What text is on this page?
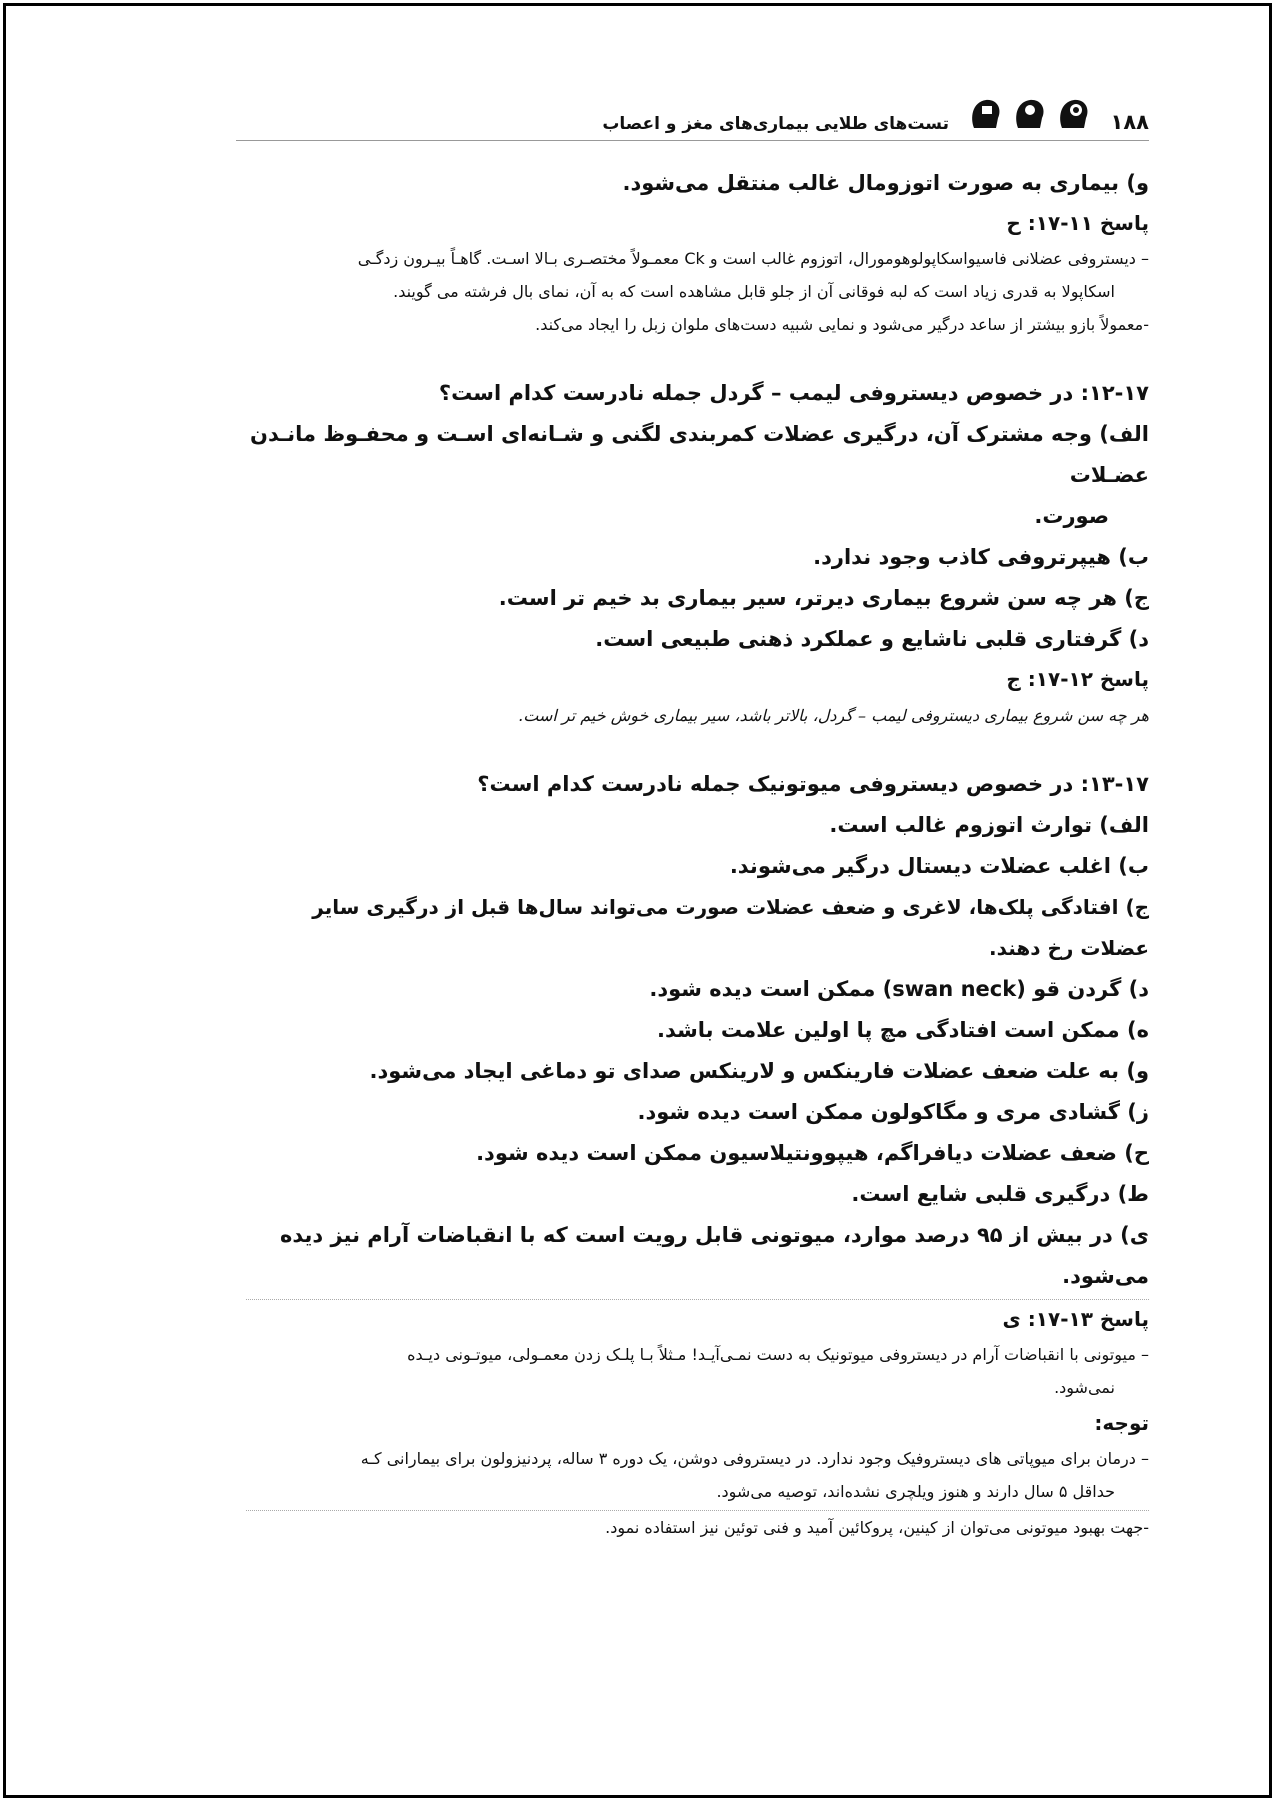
۱۸۸
تست‌های طلایی بیماری‌های مغز و اعصاب
و) بیماری به صورت اتوزومال غالب منتقل می‌شود.
پاسخ ۱۱-۱۷: ح
– دیستروفی عضلانی فاسیواسکاپولوهومورال، اتوزوم غالب است و Ck معمـولاً مختصـری بـالا اسـت. گاهـاً بیـرون زدگـی
اسکاپولا به قدری زیاد است که لبه فوقانی آن از جلو قابل مشاهده است که به آن، نمای بال فرشته می گویند.
-معمولاً بازو بیشتر از ساعد درگیر می‌شود و نمایی شبیه دست‌های ملوان زبل را ایجاد می‌کند.
۱۲-۱۷: در خصوص دیستروفی لیمب – گردل جمله نادرست کدام است؟
الف) وجه مشترک آن، درگیری عضلات کمربندی لگنی و شـانه‌ای اسـت و محفـوظ مانـدن عضـلات
صورت.
ب) هیپرتروفی کاذب وجود ندارد.
ج) هر چه سن شروع بیماری دیرتر، سیر بیماری بد خیم تر است.
د) گرفتاری قلبی ناشایع و عملکرد ذهنی طبیعی است.
پاسخ ۱۲-۱۷: ج
هر چه سن شروع بیماری دیستروفی لیمب – گردل، بالاتر باشد، سیر بیماری خوش خیم تر است.
۱۳-۱۷: در خصوص دیستروفی میوتونیک جمله نادرست کدام است؟
الف) توارث اتوزوم غالب است.
ب) اغلب عضلات دیستال درگیر می‌شوند.
ج) افتادگی پلک‌ها، لاغری و ضعف عضلات صورت می‌تواند سال‌ها قبل از درگیری سایر عضلات رخ دهند.
د) گردن قو (swan neck) ممکن است دیده شود.
ه) ممکن است افتادگی مچ پا اولین علامت باشد.
و) به علت ضعف عضلات فارینکس و لارینکس صدای تو دماغی ایجاد می‌شود.
ز) گشادی مری و مگاکولون ممکن است دیده شود.
ح) ضعف عضلات دیافراگم، هیپوونتیلاسیون ممکن است دیده شود.
ط) درگیری قلبی شایع است.
ی) در بیش از ۹۵ درصد موارد، میوتونی قابل رویت است که با انقباضات آرام نیز دیده می‌شود.
پاسخ ۱۳-۱۷: ی
– میوتونی با انقباضات آرام در دیستروفی میوتونیک به دست نمـی‌آیـد! مـثلاً بـا پلـک زدن معمـولی، میوتـونی دیـده
نمی‌شود.
توجه:
– درمان برای میوپاتی های دیستروفیک وجود ندارد. در دیستروفی دوشن، یک دوره ۳ ساله، پردنیزولون برای بیمارانی کـه
حداقل ۵ سال دارند و هنوز ویلچری نشده‌اند، توصیه می‌شود.
-جهت بهبود میوتونی می‌توان از کینین، پروکائین آمید و فنی توئین نیز استفاده نمود.
